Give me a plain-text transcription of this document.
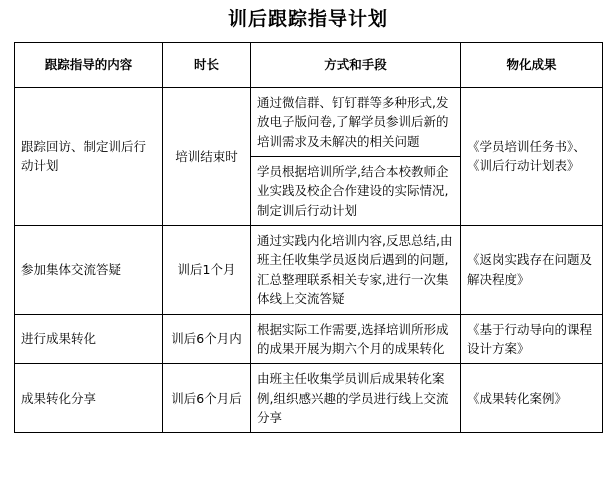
训后跟踪指导计划
跟踪指导的内容	时长	方式和手段	物化成果
跟踪回访、制定训后行动计划	培训结束时	通过微信群、钉钉群等多种形式,发放电子版问卷,了解学员参训后新的培训需求及未解决的相关问题	《学员培训任务书》、《训后行动计划表》
		学员根据培训所学,结合本校教师企业实践及校企合作建设的实际情况,制定训后行动计划	
参加集体交流答疑	训后1个月	通过实践内化培训内容,反思总结,由班主任收集学员返岗后遇到的问题,汇总整理联系相关专家,进行一次集体线上交流答疑	《返岗实践存在问题及解决程度》
进行成果转化	训后6个月内	根据实际工作需要,选择培训所形成的成果开展为期六个月的成果转化	《基于行动导向的课程设计方案》
成果转化分享	训后6个月后	由班主任收集学员训后成果转化案例,组织感兴趣的学员进行线上交流分享	《成果转化案例》
